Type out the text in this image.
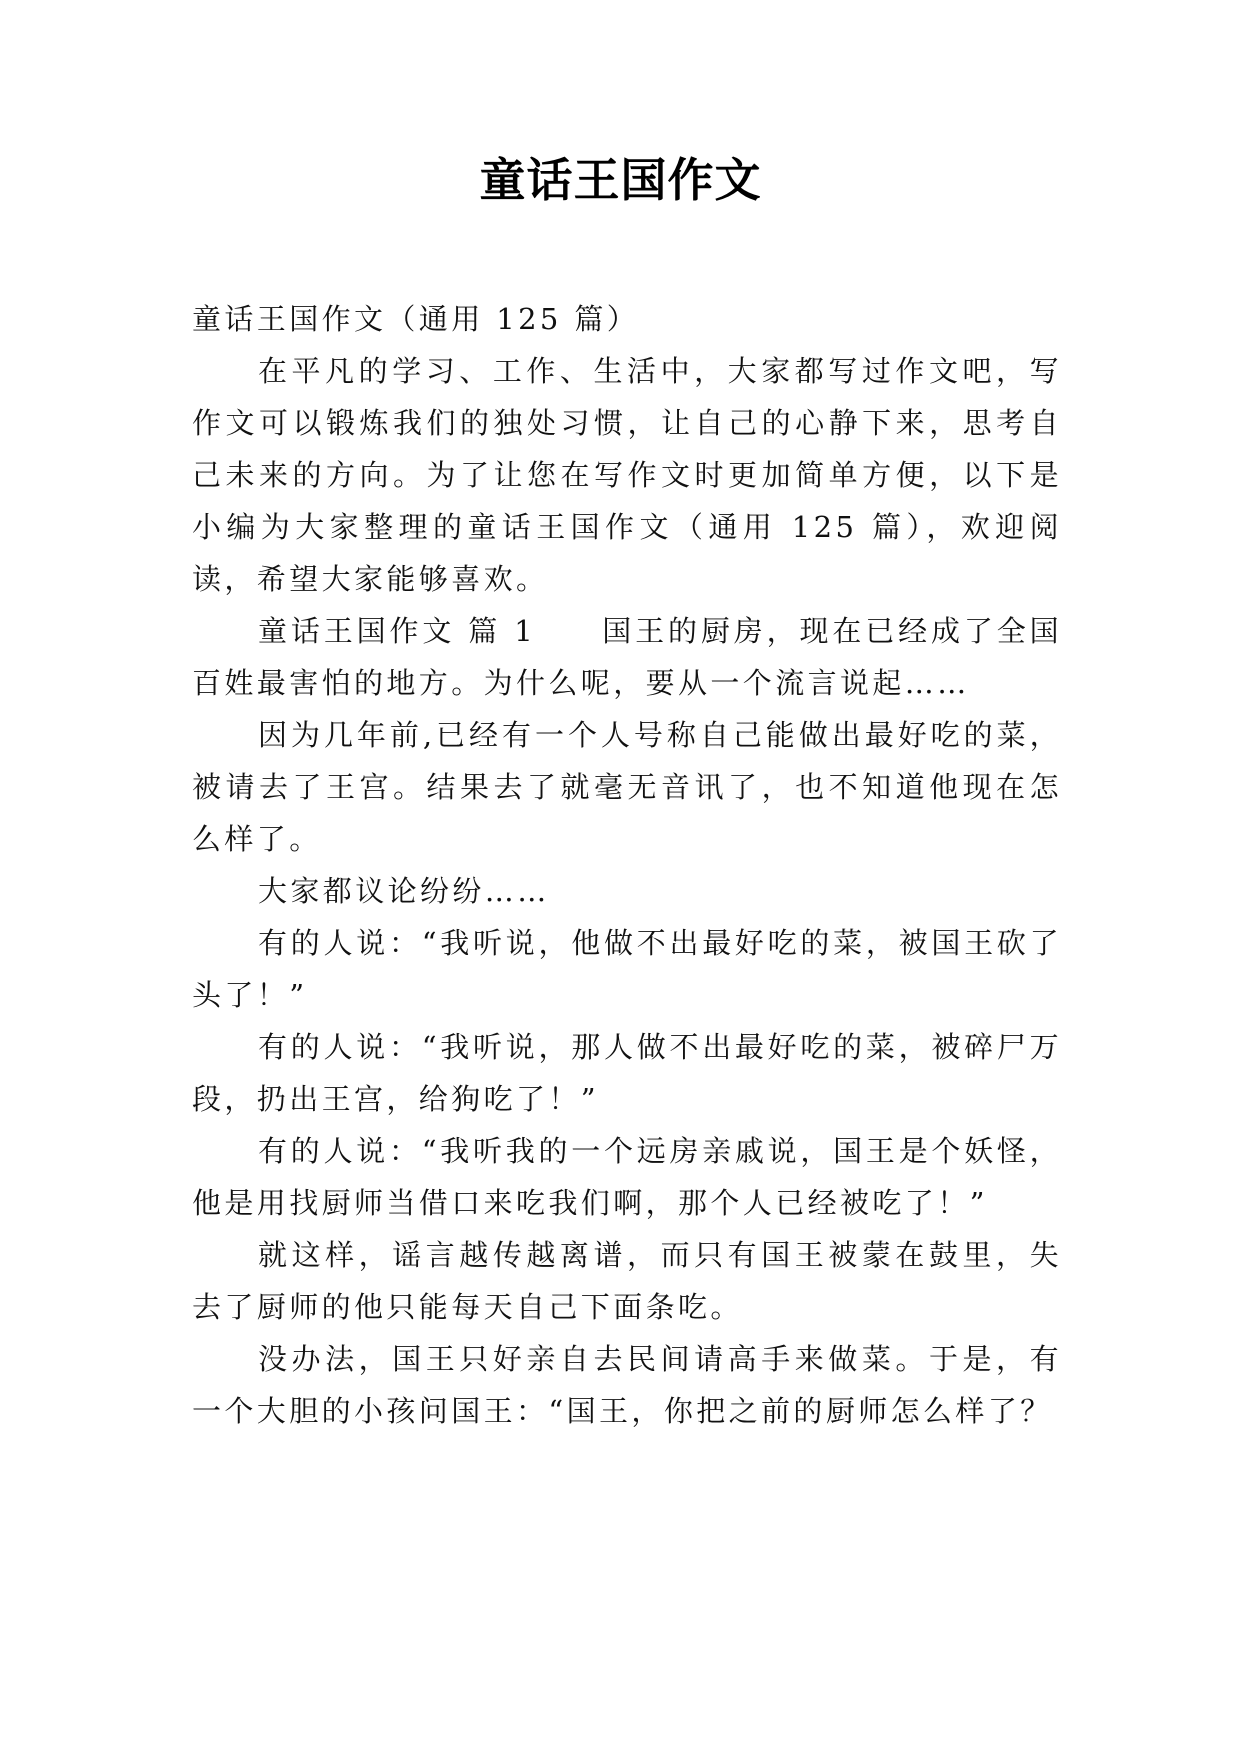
童话王国作文

童话王国作文（通用 125 篇）

在平凡的学习、工作、生活中，大家都写过作文吧，写作文可以锻炼我们的独处习惯，让自己的心静下来，思考自己未来的方向。为了让您在写作文时更加简单方便，以下是小编为大家整理的童话王国作文（通用 125 篇），欢迎阅读，希望大家能够喜欢。

童话王国作文 篇 1　　国王的厨房，现在已经成了全国百姓最害怕的地方。为什么呢，要从一个流言说起……

因为几年前,已经有一个人号称自己能做出最好吃的菜，被请去了王宫。结果去了就毫无音讯了，也不知道他现在怎么样了。

大家都议论纷纷……

有的人说：“我听说，他做不出最好吃的菜，被国王砍了头了！”

有的人说：“我听说，那人做不出最好吃的菜，被碎尸万段，扔出王宫，给狗吃了！”

有的人说：“我听我的一个远房亲戚说，国王是个妖怪，他是用找厨师当借口来吃我们啊，那个人已经被吃了！”

就这样，谣言越传越离谱，而只有国王被蒙在鼓里，失去了厨师的他只能每天自己下面条吃。

没办法，国王只好亲自去民间请高手来做菜。于是，有一个大胆的小孩问国王：“国王，你把之前的厨师怎么样了？
